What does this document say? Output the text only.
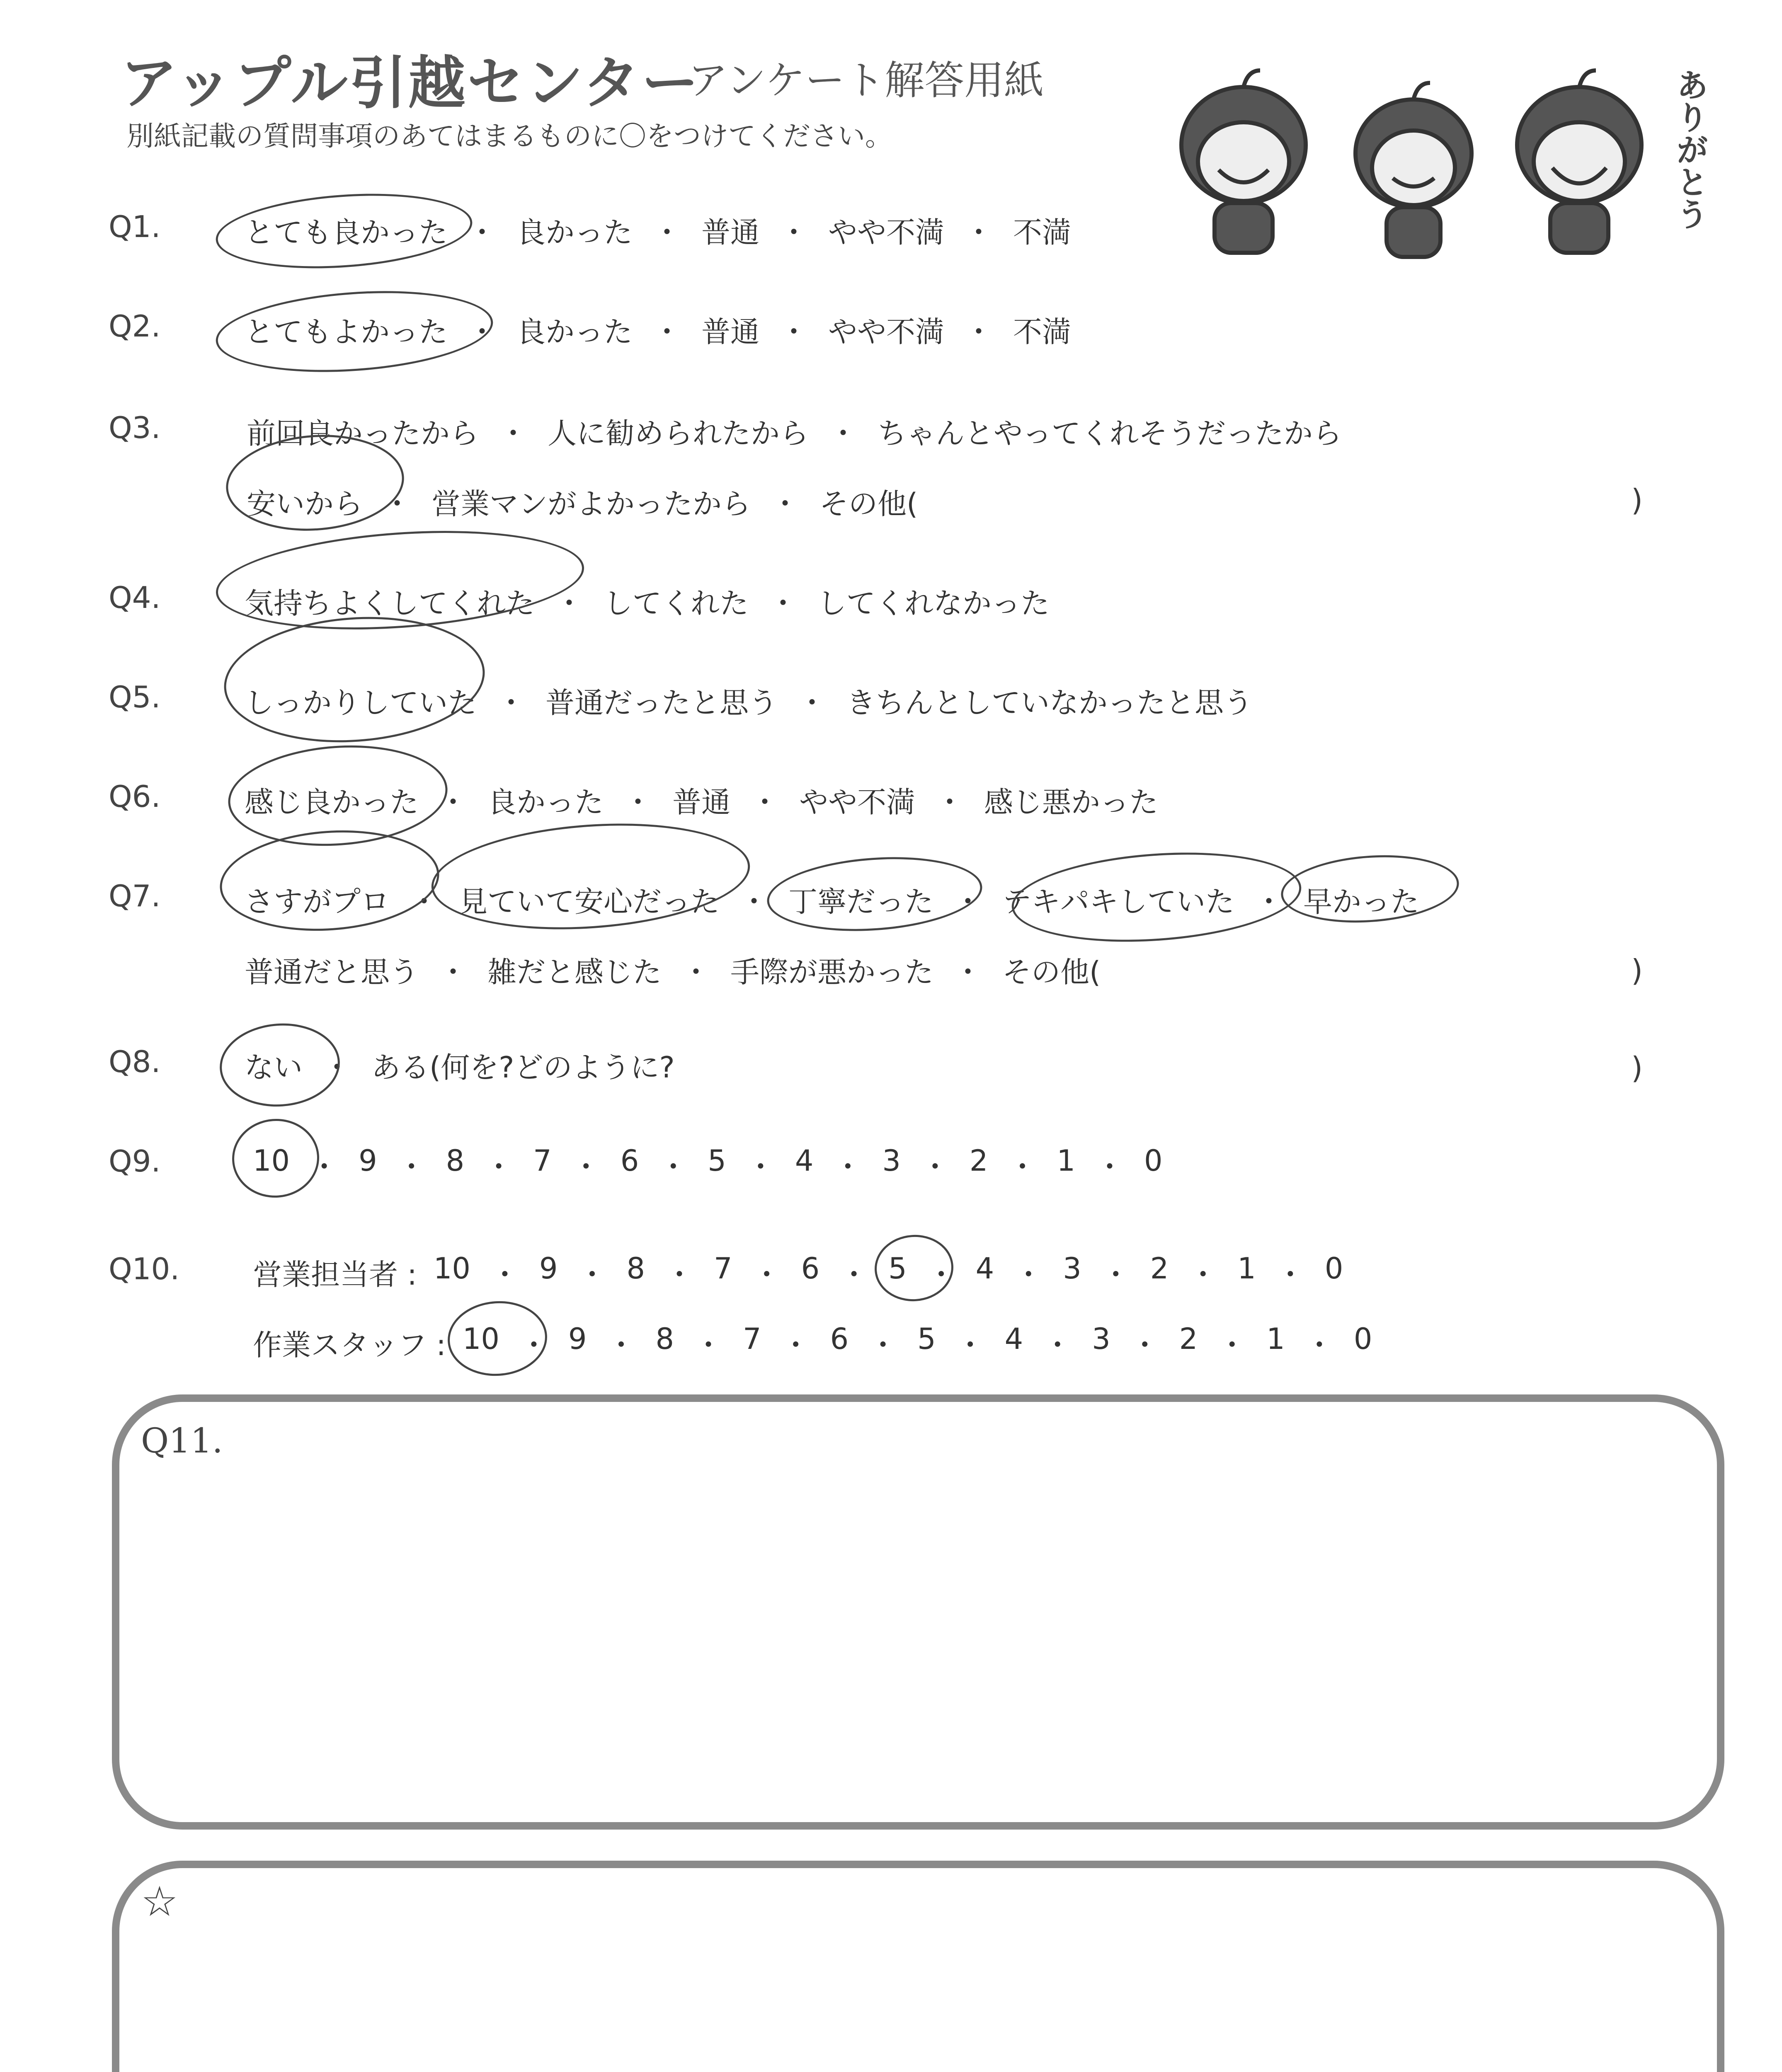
アップル引越センター
アンケート解答用紙
別紙記載の質問事項のあてはまるものに〇をつけてください。	ありがとう
Q1.	とても良かった ・ 良かった ・ 普通 ・ やや不満 ・ 不満
Q2.	とてもよかった ・ 良かった ・ 普通 ・ やや不満 ・ 不満
Q3.	前回良かったから ・ 人に勧められたから ・ ちゃんとやってくれそうだったから
安いから ・ 営業マンがよかったから ・ その他(	)
Q4.	気持ちよくしてくれた ・ してくれた ・ してくれなかった
Q5.	しっかりしていた ・ 普通だったと思う ・ きちんとしていなかったと思う
Q6.	感じ良かった ・ 良かった ・ 普通 ・ やや不満 ・ 感じ悪かった
Q7.	さすがプロ ・ 見ていて安心だった ・ 丁寧だった ・ テキパキしていた ・ 早かった
普通だと思う ・ 雑だと感じた ・ 手際が悪かった ・ その他(	)
Q8.	ない ・ ある(何を?どのように?	)
Q9.	10 ・ 9 ・ 8 ・ 7 ・ 6 ・ 5 ・ 4 ・ 3 ・ 2 ・ 1 ・ 0
Q10.	営業担当者 : 10 ・ 9 ・ 8 ・ 7 ・ 6 ・ 5 ・ 4 ・ 3 ・ 2 ・ 1 ・ 0
作業スタッフ : 10 ・ 9 ・ 8 ・ 7 ・ 6 ・ 5 ・ 4 ・ 3 ・ 2 ・ 1 ・ 0
Q11.
☆
